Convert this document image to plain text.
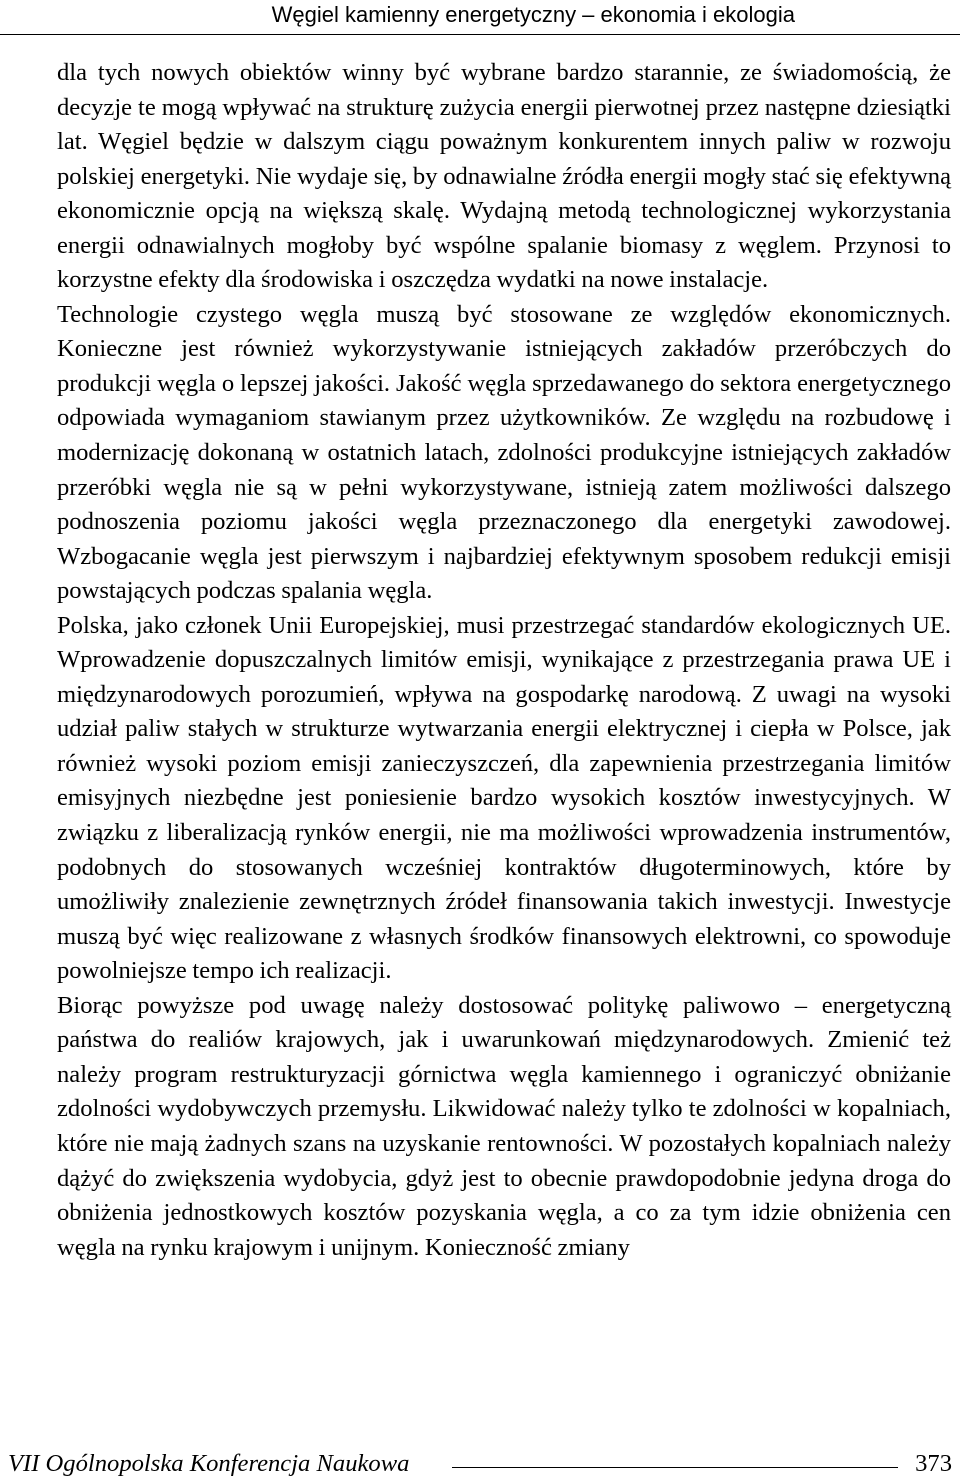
Węgiel kamienny energetyczny – ekonomia i ekologia

dla tych nowych obiektów winny być wybrane bardzo starannie, ze świadomością, że decyzje te mogą wpływać na strukturę zużycia energii pierwotnej przez następne dziesiątki lat. Węgiel będzie w dalszym ciągu poważnym konkurentem innych paliw w rozwoju polskiej energetyki. Nie wydaje się, by odnawialne źródła energii mogły stać się efektywną ekonomicznie opcją na większą skalę. Wydajną metodą technologicznej wykorzystania energii odnawialnych mogłoby być wspólne spalanie biomasy z węglem. Przynosi to korzystne efekty dla środowiska i oszczędza wydatki na nowe instalacje.

Technologie czystego węgla muszą być stosowane ze względów ekonomicznych. Konieczne jest również wykorzystywanie istniejących zakładów przeróbczych do produkcji węgla o lepszej jakości. Jakość węgla sprzedawanego do sektora energetycznego odpowiada wymaganiom stawianym przez użytkowników. Ze względu na rozbudowę i modernizację dokonaną w ostatnich latach, zdolności produkcyjne istniejących zakładów przeróbki węgla nie są w pełni wykorzystywane, istnieją zatem możliwości dalszego podnoszenia poziomu jakości węgla przeznaczonego dla energetyki zawodowej. Wzbogacanie węgla jest pierwszym i najbardziej efektywnym sposobem redukcji emisji powstających podczas spalania węgla.

Polska, jako członek Unii Europejskiej, musi przestrzegać standardów ekologicznych UE. Wprowadzenie dopuszczalnych limitów emisji, wynikające z przestrzegania prawa UE i międzynarodowych porozumień, wpływa na gospodarkę narodową. Z uwagi na wysoki udział paliw stałych w strukturze wytwarzania energii elektrycznej i ciepła w Polsce, jak również wysoki poziom emisji zanieczyszczeń, dla zapewnienia przestrzegania limitów emisyjnych niezbędne jest poniesienie bardzo wysokich kosztów inwestycyjnych. W związku z liberalizacją rynków energii, nie ma możliwości wprowadzenia instrumentów, podobnych do stosowanych wcześniej kontraktów długoterminowych, które by umożliwiły znalezienie zewnętrznych źródeł finansowania takich inwestycji. Inwestycje muszą być więc realizowane z własnych środków finansowych elektrowni, co spowoduje powolniejsze tempo ich realizacji.

Biorąc powyższe pod uwagę należy dostosować politykę paliwowo – energetyczną państwa do realiów krajowych, jak i uwarunkowań międzynarodowych. Zmienić też należy program restrukturyzacji górnictwa węgla kamiennego i ograniczyć obniżanie zdolności wydobywczych przemysłu. Likwidować należy tylko te zdolności w kopalniach, które nie mają żadnych szans na uzyskanie rentowności. W pozostałych kopalniach należy dążyć do zwiększenia wydobycia, gdyż jest to obecnie prawdopodobnie jedyna droga do obniżenia jednostkowych kosztów pozyskania węgla, a co za tym idzie obniżenia cen węgla na rynku krajowym i unijnym. Konieczność zmiany

VII Ogólnopolska Konferencja Naukowa	373
